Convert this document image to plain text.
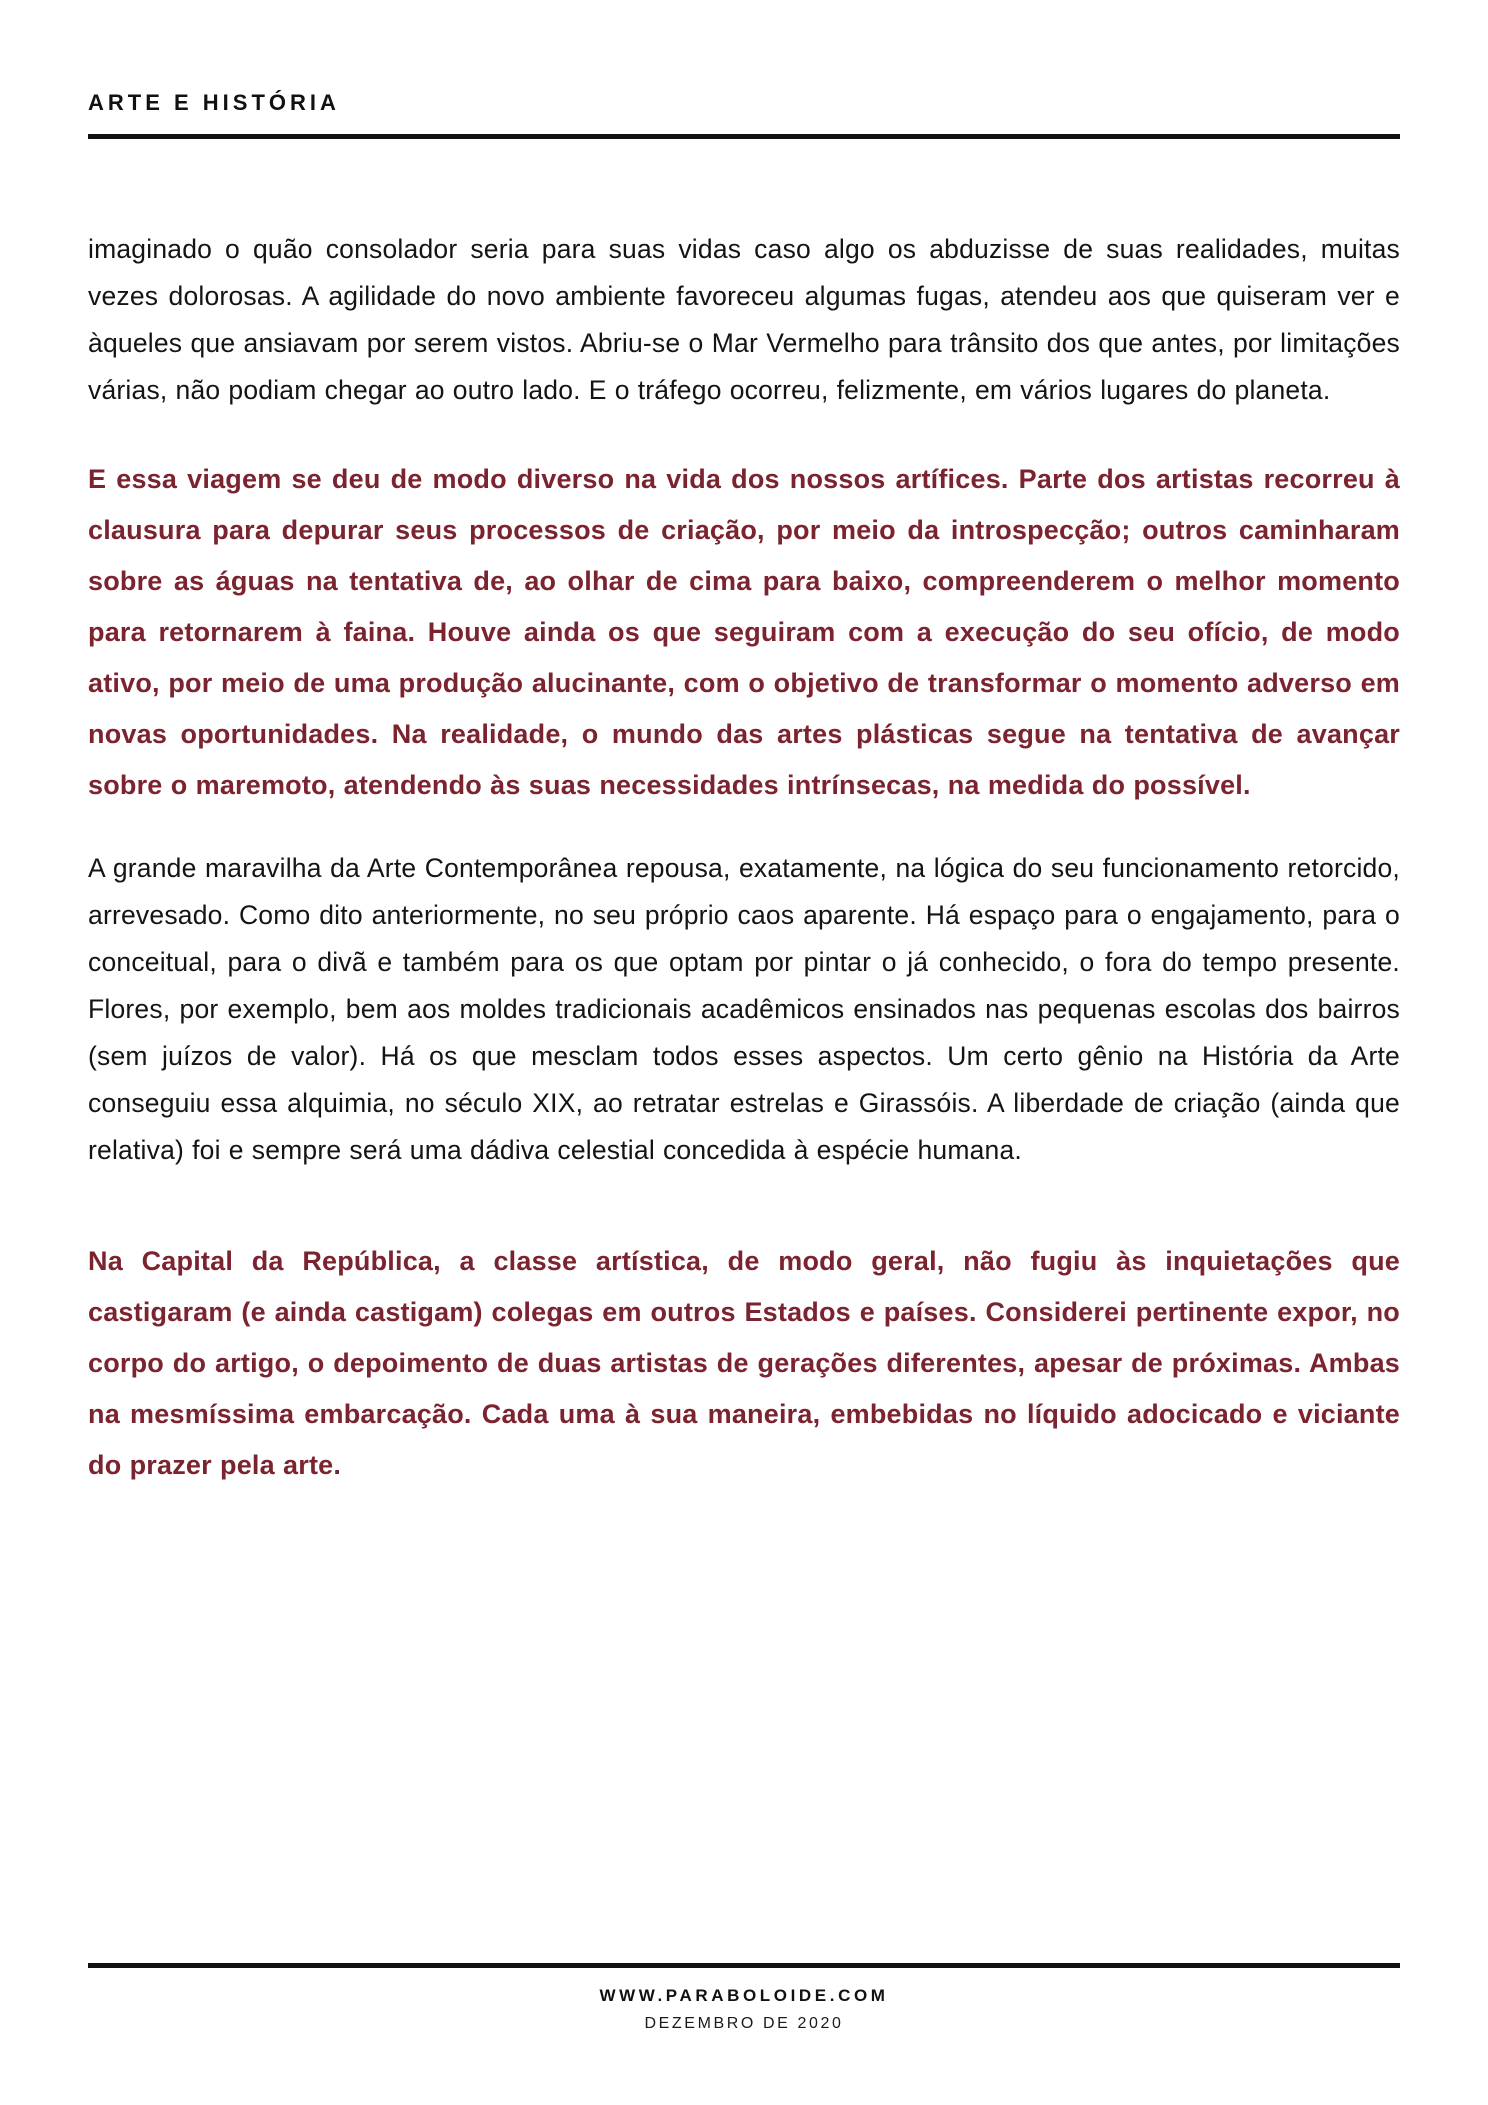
ARTE E HISTÓRIA

imaginado o quão consolador seria para suas vidas caso algo os abduzisse de suas realidades, muitas vezes dolorosas. A agilidade do novo ambiente favoreceu algumas fugas, atendeu aos que quiseram ver e àqueles que ansiavam por serem vistos. Abriu-se o Mar Vermelho para trânsito dos que antes, por limitações várias, não podiam chegar ao outro lado. E o tráfego ocorreu, felizmente, em vários lugares do planeta.

E essa viagem se deu de modo diverso na vida dos nossos artífices. Parte dos artistas recorreu à clausura para depurar seus processos de criação, por meio da introspecção; outros caminharam sobre as águas na tentativa de, ao olhar de cima para baixo, compreenderem o melhor momento para retornarem à faina. Houve ainda os que seguiram com a execução do seu ofício, de modo ativo, por meio de uma produção alucinante, com o objetivo de transformar o momento adverso em novas oportunidades. Na realidade, o mundo das artes plásticas segue na tentativa de avançar sobre o maremoto, atendendo às suas necessidades intrínsecas, na medida do possível.

A grande maravilha da Arte Contemporânea repousa, exatamente, na lógica do seu funcionamento retorcido, arrevesado. Como dito anteriormente, no seu próprio caos aparente. Há espaço para o engajamento, para o conceitual, para o divã e também para os que optam por pintar o já conhecido, o fora do tempo presente. Flores, por exemplo, bem aos moldes tradicionais acadêmicos ensinados nas pequenas escolas dos bairros (sem juízos de valor). Há os que mesclam todos esses aspectos. Um certo gênio na História da Arte conseguiu essa alquimia, no século XIX, ao retratar estrelas e Girassóis. A liberdade de criação (ainda que relativa) foi e sempre será uma dádiva celestial concedida à espécie humana.

Na Capital da República, a classe artística, de modo geral, não fugiu às inquietações que castigaram (e ainda castigam) colegas em outros Estados e países. Considerei pertinente expor, no corpo do artigo, o depoimento de duas artistas de gerações diferentes, apesar de próximas. Ambas na mesmíssima embarcação. Cada uma à sua maneira, embebidas no líquido adocicado e viciante do prazer pela arte.

WWW.PARABOLOIDE.COM
DEZEMBRO DE 2020
